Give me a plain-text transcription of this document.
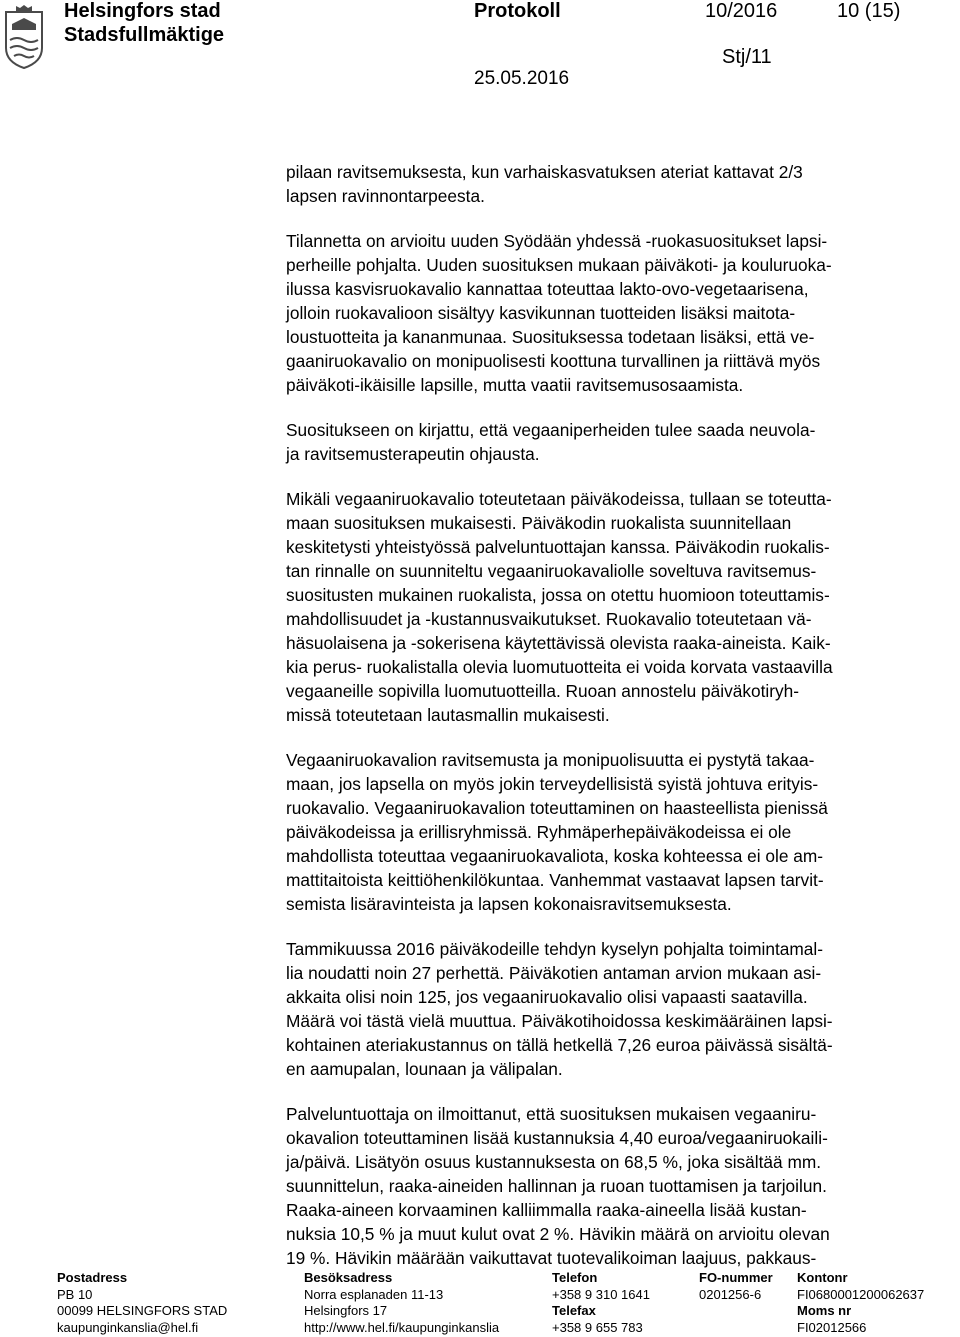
Helsingfors stad
Stadsfullmäktige
Protokoll	10/2016	10 (15)
Stj/11
25.05.2016

pilaan ravitsemuksesta, kun varhaiskasvatuksen ateriat kattavat 2/3
lapsen ravinnontarpeesta.

Tilannetta on arvioitu uuden Syödään yhdessä -ruokasuositukset lapsi-
perheille pohjalta. Uuden suosituksen mukaan päiväkoti- ja kouluruoka-
ilussa kasvisruokavalio kannattaa toteuttaa lakto-ovo-vegetaarisena,
jolloin ruokavalioon sisältyy kasvikunnan tuotteiden lisäksi maitota-
loustuotteita ja kananmunaa. Suosituksessa todetaan lisäksi, että ve-
gaaniruokavalio on monipuolisesti koottuna turvallinen ja riittävä myös
päiväkoti-ikäisille lapsille, mutta vaatii ravitsemusosaamista.

Suositukseen on kirjattu, että vegaaniperheiden tulee saada neuvola-
ja ravitsemusterapeutin ohjausta.

Mikäli vegaaniruokavalio toteutetaan päiväkodeissa, tullaan se toteutta-
maan suosituksen mukaisesti. Päiväkodin ruokalista suunnitellaan
keskitetysti yhteistyössä palveluntuottajan kanssa. Päiväkodin ruokalis-
tan rinnalle on suunniteltu vegaaniruokavaliolle soveltuva ravitsemus-
suositusten mukainen ruokalista, jossa on otettu huomioon toteuttamis-
mahdollisuudet ja -kustannusvaikutukset. Ruokavalio toteutetaan vä-
häsuolaisena ja -sokerisena käytettävissä olevista raaka-aineista. Kaik-
kia perus- ruokalistalla olevia luomutuotteita ei voida korvata vastaavilla
vegaaneille sopivilla luomutuotteilla. Ruoan annostelu päiväkotiryh-
missä toteutetaan lautasmallin mukaisesti.

Vegaaniruokavalion ravitsemusta ja monipuolisuutta ei pystytä takaa-
maan, jos lapsella on myös jokin terveydellisistä syistä johtuva erityis-
ruokavalio. Vegaaniruokavalion toteuttaminen on haasteellista pienissä
päiväkodeissa ja erillisryhmissä. Ryhmäperhepäiväkodeissa ei ole
mahdollista toteuttaa vegaaniruokavaliota, koska kohteessa ei ole am-
mattitaitoista keittiöhenkilökuntaa. Vanhemmat vastaavat lapsen tarvit-
semista lisäravinteista ja lapsen kokonaisravitsemuksesta.

Tammikuussa 2016 päiväkodeille tehdyn kyselyn pohjalta toimintamal-
lia noudatti noin 27 perhettä. Päiväkotien antaman arvion mukaan asi-
akkaita olisi noin 125, jos vegaaniruokavalio olisi vapaasti saatavilla.
Määrä voi tästä vielä muuttua. Päiväkotihoidossa keskimääräinen lapsi-
kohtainen ateriakustannus on tällä hetkellä 7,26 euroa päivässä sisältä-
en aamupalan, lounaan ja välipalan.

Palveluntuottaja on ilmoittanut, että suosituksen mukaisen vegaaniru-
okavalion toteuttaminen lisää kustannuksia 4,40 euroa/vegaaniruokaili-
ja/päivä. Lisätyön osuus kustannuksesta on 68,5 %, joka sisältää mm.
suunnittelun, raaka-aineiden hallinnan ja ruoan tuottamisen ja tarjoilun.
Raaka-aineen korvaaminen kalliimmalla raaka-aineella lisää kustan-
nuksia 10,5 % ja muut kulut ovat 2 %. Hävikin määrä on arvioitu olevan
19 %. Hävikin määrään vaikuttavat tuotevalikoiman laajuus, pakkaus-

Postadress
PB 10
00099 HELSINGFORS STAD
kaupunginkanslia@hel.fi
Besöksadress
Norra esplanaden 11-13
Helsingfors 17
http://www.hel.fi/kaupunginkanslia
Telefon
+358 9 310 1641
Telefax
+358 9 655 783
FO-nummer
0201256-6
Kontonr
FI0680001200062637
Moms nr
FI02012566
